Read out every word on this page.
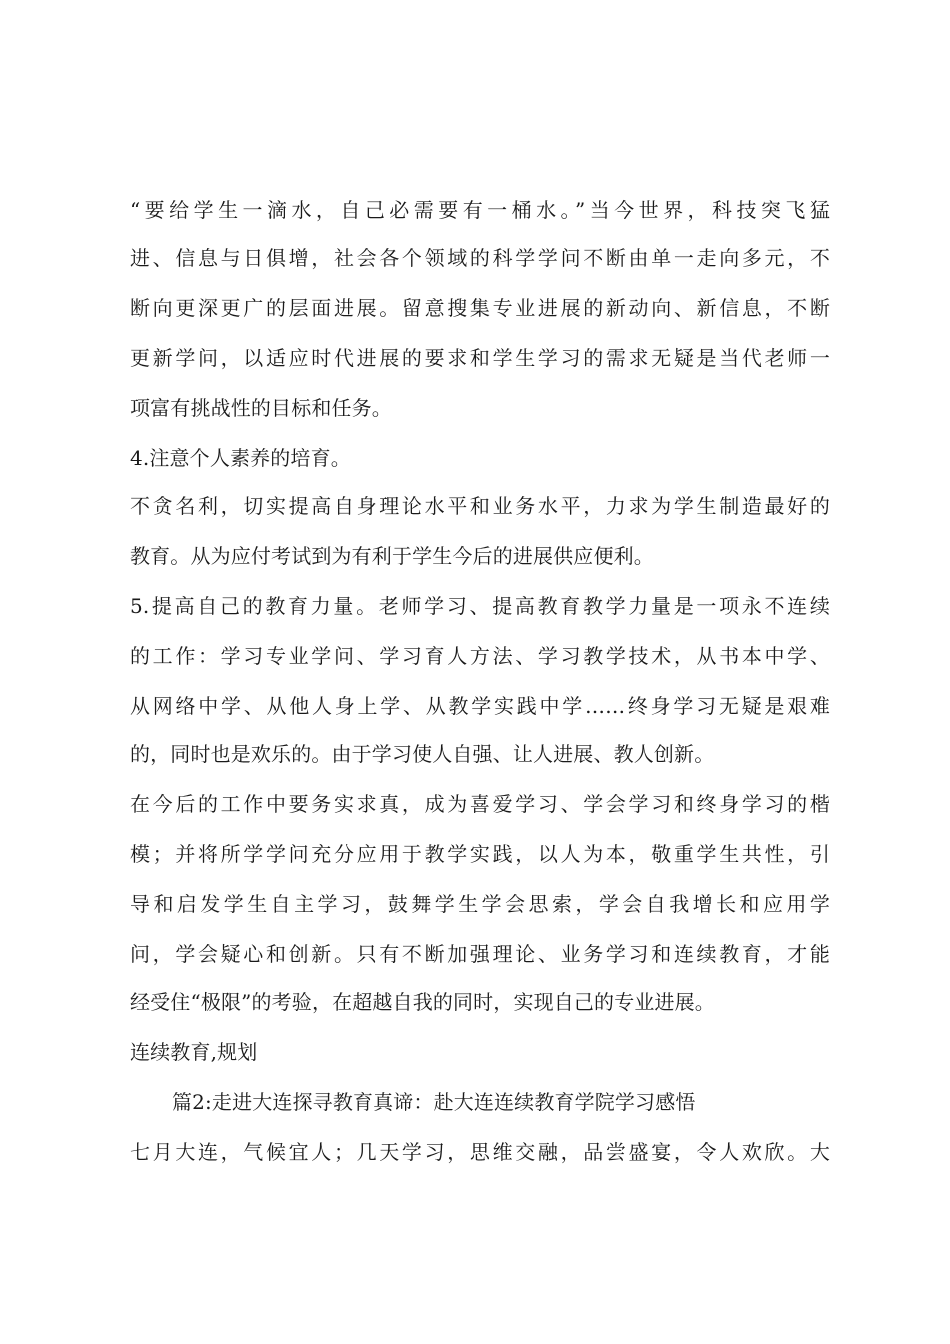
“要给学生一滴水，自己必需要有一桶水。”当今世界，科技突飞猛
进、信息与日俱增，社会各个领域的科学学问不断由单一走向多元，不
断向更深更广的层面进展。留意搜集专业进展的新动向、新信息，不断
更新学问，以适应时代进展的要求和学生学习的需求无疑是当代老师一
项富有挑战性的目标和任务。
4.注意个人素养的培育。
不贪名利，切实提高自身理论水平和业务水平，力求为学生制造最好的
教育。从为应付考试到为有利于学生今后的进展供应便利。
5.提高自己的教育力量。老师学习、提高教育教学力量是一项永不连续
的工作：学习专业学问、学习育人方法、学习教学技术，从书本中学、
从网络中学、从他人身上学、从教学实践中学……终身学习无疑是艰难
的，同时也是欢乐的。由于学习使人自强、让人进展、教人创新。
在今后的工作中要务实求真，成为喜爱学习、学会学习和终身学习的楷
模；并将所学学问充分应用于教学实践，以人为本，敬重学生共性，引
导和启发学生自主学习，鼓舞学生学会思索，学会自我增长和应用学
问，学会疑心和创新。只有不断加强理论、业务学习和连续教育，才能
经受住“极限”的考验，在超越自我的同时，实现自己的专业进展。
连续教育,规划
篇2:走进大连探寻教育真谛：赴大连连续教育学院学习感悟
七月大连，气候宜人；几天学习，思维交融，品尝盛宴，令人欢欣。大
